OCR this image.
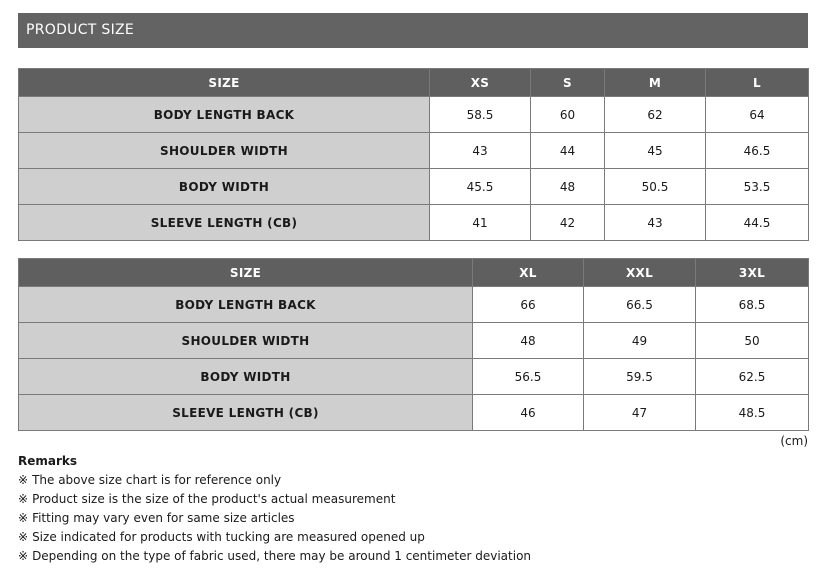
PRODUCT SIZE
SIZE	XS	S	M	L
BODY LENGTH BACK	58.5	60	62	64
SHOULDER WIDTH	43	44	45	46.5
BODY WIDTH	45.5	48	50.5	53.5
SLEEVE LENGTH (CB)	41	42	43	44.5
SIZE	XL	XXL	3XL
BODY LENGTH BACK	66	66.5	68.5
SHOULDER WIDTH	48	49	50
BODY WIDTH	56.5	59.5	62.5
SLEEVE LENGTH (CB)	46	47	48.5
(cm)
Remarks
※ The above size chart is for reference only
※ Product size is the size of the product's actual measurement
※ Fitting may vary even for same size articles
※ Size indicated for products with tucking are measured opened up
※ Depending on the type of fabric used, there may be around 1 centimeter deviation
